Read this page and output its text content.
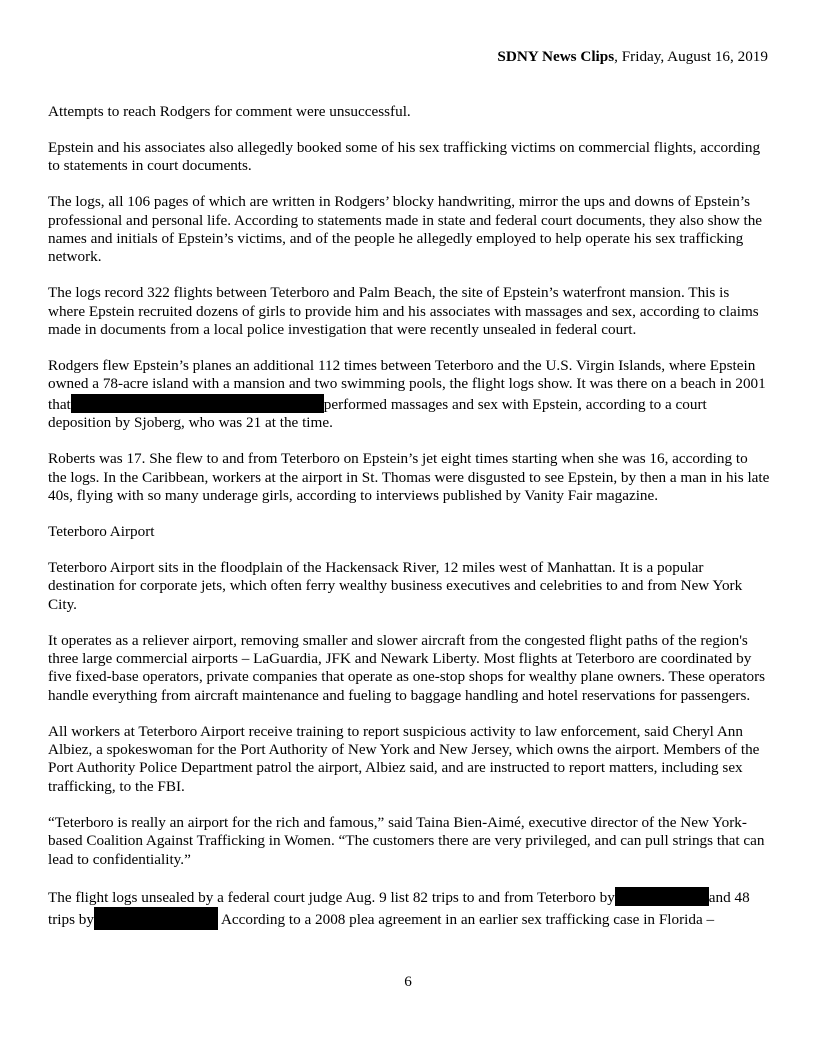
SDNY News Clips, Friday, August 16, 2019

Attempts to reach Rodgers for comment were unsuccessful.

Epstein and his associates also allegedly booked some of his sex trafficking victims on commercial flights, according to statements in court documents.

The logs, all 106 pages of which are written in Rodgers’ blocky handwriting, mirror the ups and downs of Epstein’s professional and personal life. According to statements made in state and federal court documents, they also show the names and initials of Epstein’s victims, and of the people he allegedly employed to help operate his sex trafficking network.

The logs record 322 flights between Teterboro and Palm Beach, the site of Epstein’s waterfront mansion. This is where Epstein recruited dozens of girls to provide him and his associates with massages and sex, according to claims made in documents from a local police investigation that were recently unsealed in federal court.

Rodgers flew Epstein’s planes an additional 112 times between Teterboro and the U.S. Virgin Islands, where Epstein owned a 78-acre island with a mansion and two swimming pools, the flight logs show. It was there on a beach in 2001 that	performed massages and sex with Epstein, according to a court deposition by Sjoberg, who was 21 at the time.

Roberts was 17. She flew to and from Teterboro on Epstein’s jet eight times starting when she was 16, according to the logs. In the Caribbean, workers at the airport in St. Thomas were disgusted to see Epstein, by then a man in his late 40s, flying with so many underage girls, according to interviews published by Vanity Fair magazine.

Teterboro Airport

Teterboro Airport sits in the floodplain of the Hackensack River, 12 miles west of Manhattan. It is a popular destination for corporate jets, which often ferry wealthy business executives and celebrities to and from New York City.

It operates as a reliever airport, removing smaller and slower aircraft from the congested flight paths of the region's three large commercial airports – LaGuardia, JFK and Newark Liberty. Most flights at Teterboro are coordinated by five fixed-base operators, private companies that operate as one-stop shops for wealthy plane owners. These operators handle everything from aircraft maintenance and fueling to baggage handling and hotel reservations for passengers.

All workers at Teterboro Airport receive training to report suspicious activity to law enforcement, said Cheryl Ann Albiez, a spokeswoman for the Port Authority of New York and New Jersey, which owns the airport. Members of the Port Authority Police Department patrol the airport, Albiez said, and are instructed to report matters, including sex trafficking, to the FBI.

“Teterboro is really an airport for the rich and famous,” said Taina Bien-Aimé, executive director of the New York-based Coalition Against Trafficking in Women. “The customers there are very privileged, and can pull strings that can lead to confidentiality.”

The flight logs unsealed by a federal court judge Aug. 9 list 82 trips to and from Teterboro by	and 48 trips by	According to a 2008 plea agreement in an earlier sex trafficking case in Florida –

6
